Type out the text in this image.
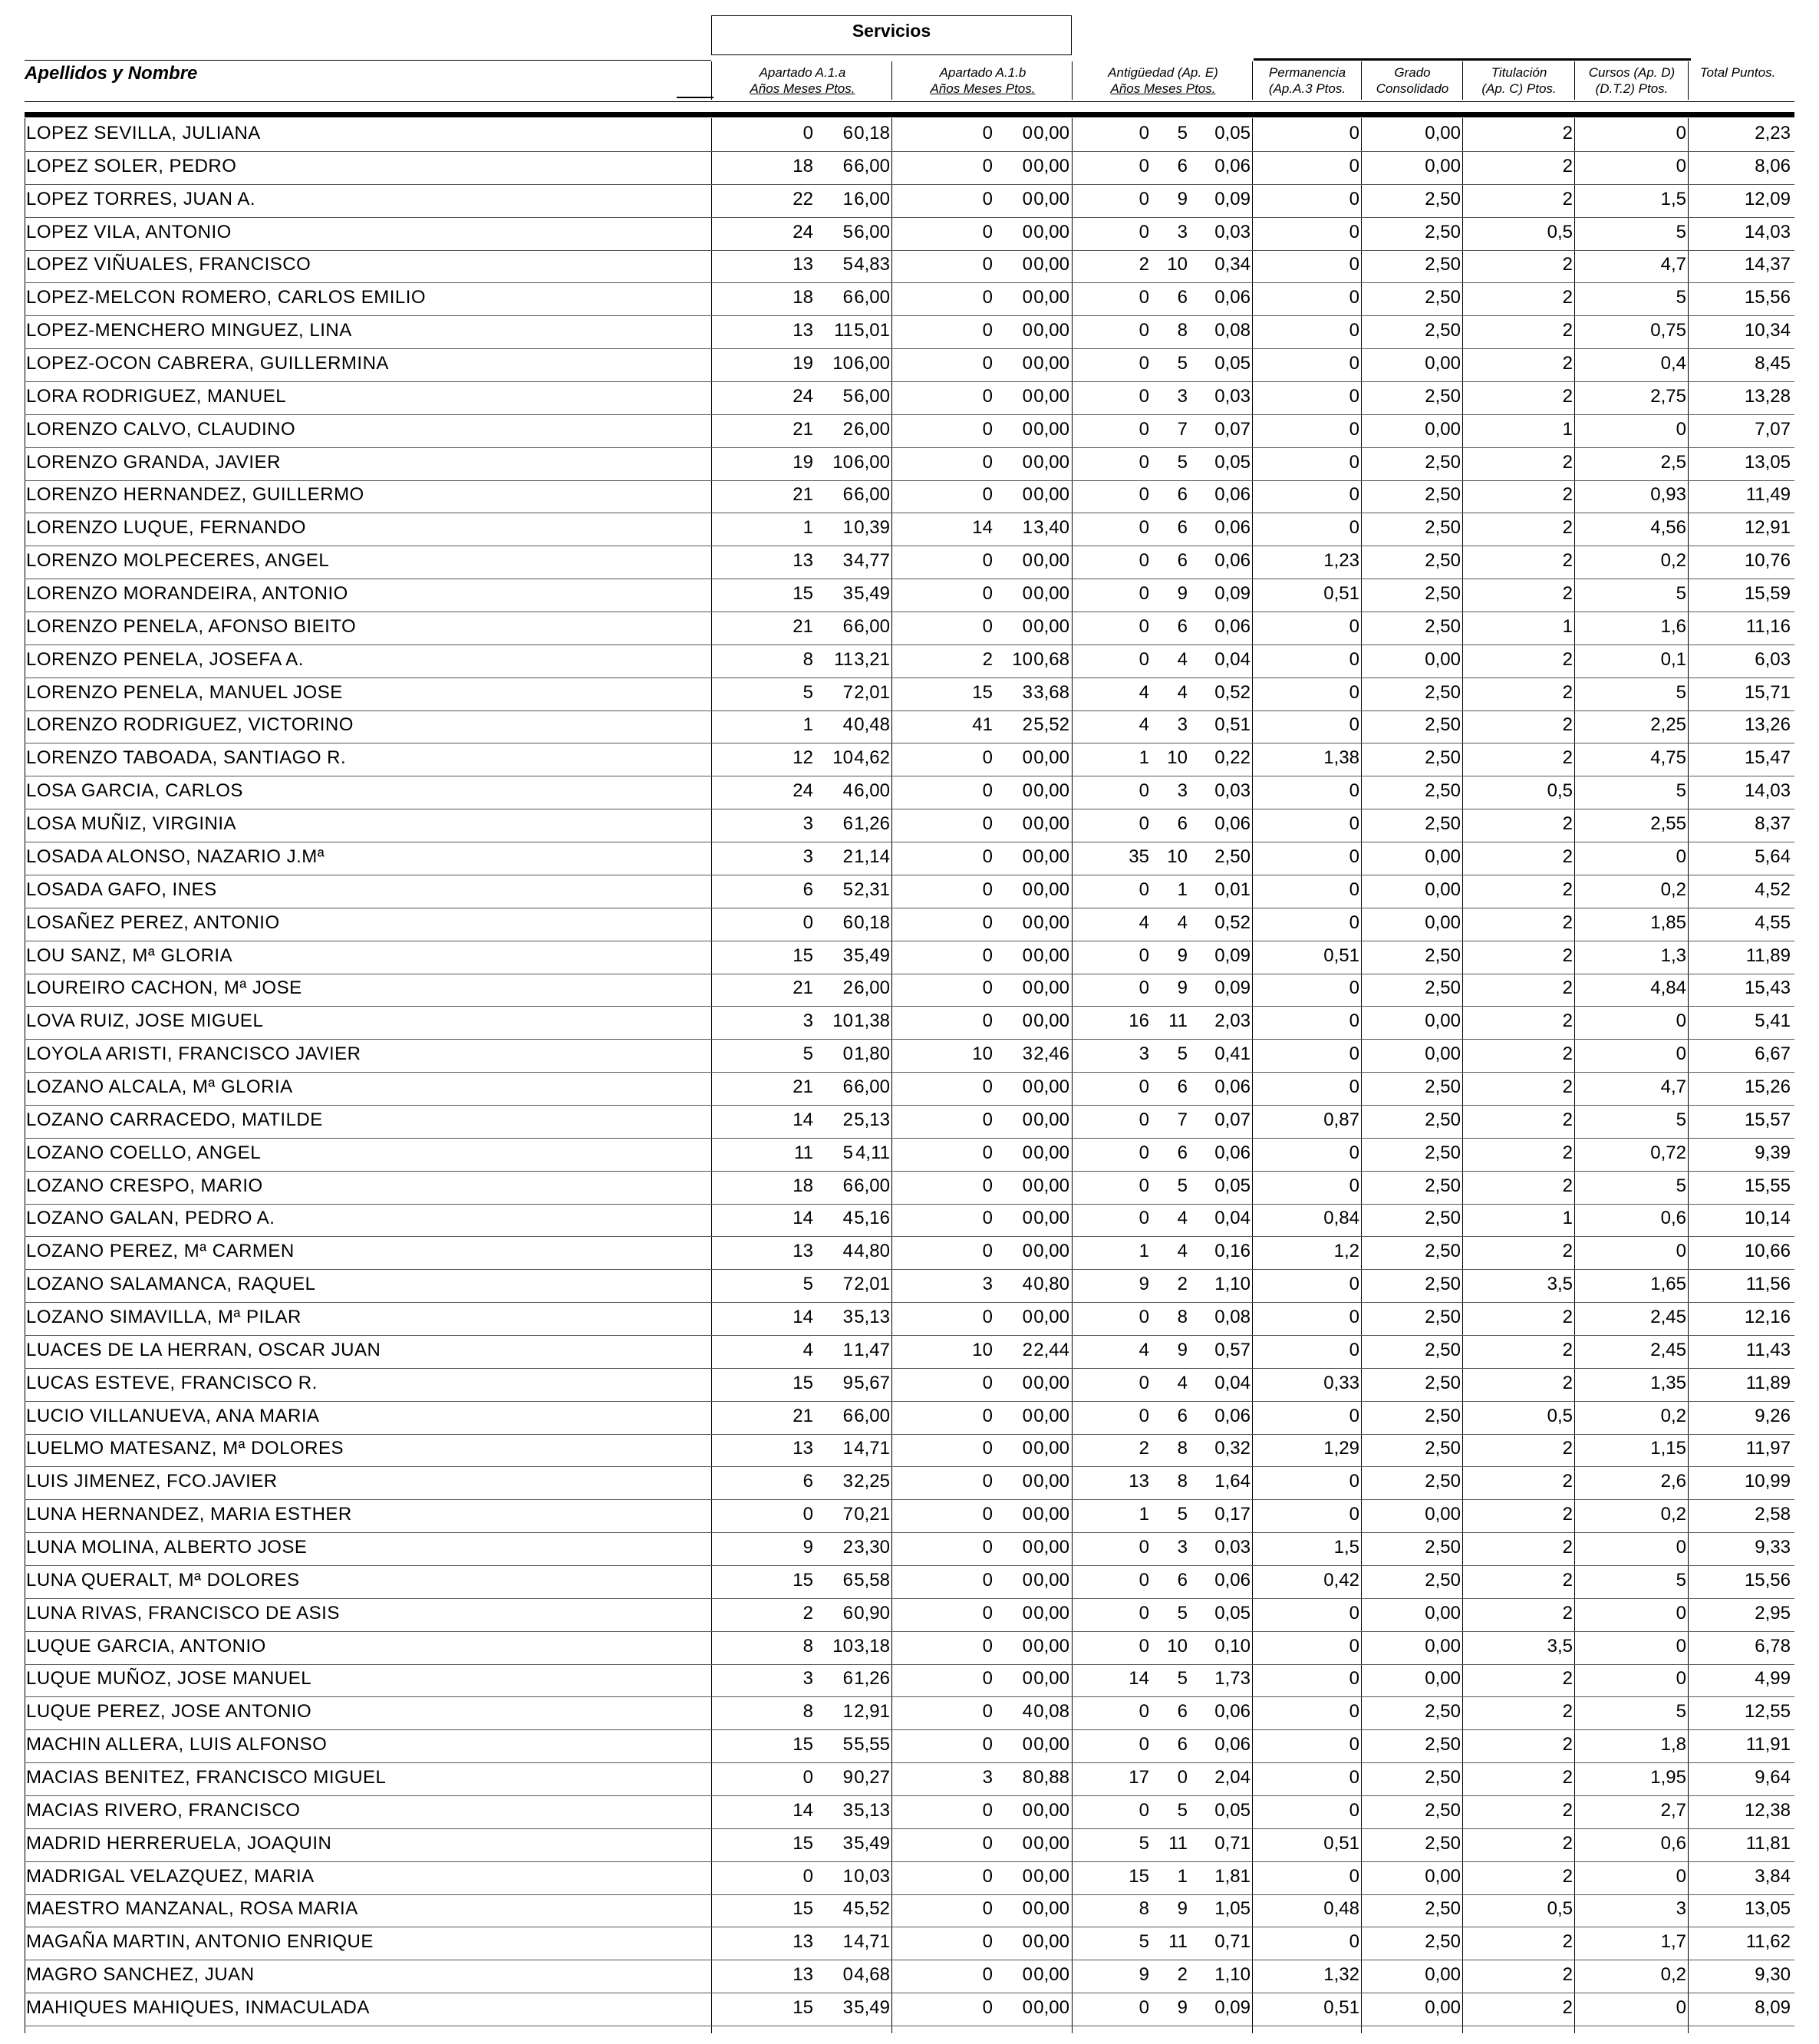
Servicios
Apellidos y Nombre	Apartado A.1.a
Años Meses Ptos.
Apartado A.1.b
Años Meses Ptos.
Antigüedad (Ap. E)
Años Meses Ptos.
Permanencia
(Ap.A.3 Ptos.
Grado
Consolidado
Titulación
(Ap. C) Ptos.
Cursos (Ap. D)
(D.T.2) Ptos.
Total Puntos.
LOPEZ SEVILLA, JULIANA	0 6 0,18	0 0 0,00	0 5 0,05	0	0,00	2	0	2,23
LOPEZ SOLER, PEDRO	18 6 6,00	0 0 0,00	0 6 0,06	0	0,00	2	0	8,06
LOPEZ TORRES, JUAN A.	22 1 6,00	0 0 0,00	0 9 0,09	0	2,50	2	1,5	12,09
LOPEZ VILA, ANTONIO	24 5 6,00	0 0 0,00	0 3 0,03	0	2,50	0,5	5	14,03
LOPEZ VIÑUALES, FRANCISCO	13 5 4,83	0 0 0,00	2 10 0,34	0	2,50	2	4,7	14,37
LOPEZ-MELCON ROMERO, CARLOS EMILIO	18 6 6,00	0 0 0,00	0 6 0,06	0	2,50	2	5	15,56
LOPEZ-MENCHERO MINGUEZ, LINA	13 11 5,01	0 0 0,00	0 8 0,08	0	2,50	2	0,75	10,34
LOPEZ-OCON CABRERA, GUILLERMINA	19 10 6,00	0 0 0,00	0 5 0,05	0	0,00	2	0,4	8,45
LORA RODRIGUEZ, MANUEL	24 5 6,00	0 0 0,00	0 3 0,03	0	2,50	2	2,75	13,28
LORENZO CALVO, CLAUDINO	21 2 6,00	0 0 0,00	0 7 0,07	0	0,00	1	0	7,07
LORENZO GRANDA, JAVIER	19 10 6,00	0 0 0,00	0 5 0,05	0	2,50	2	2,5	13,05
LORENZO HERNANDEZ, GUILLERMO	21 6 6,00	0 0 0,00	0 6 0,06	0	2,50	2	0,93	11,49
LORENZO LUQUE, FERNANDO	1 1 0,39	14 1 3,40	0 6 0,06	0	2,50	2	4,56	12,91
LORENZO MOLPECERES, ANGEL	13 3 4,77	0 0 0,00	0 6 0,06	1,23	2,50	2	0,2	10,76
LORENZO MORANDEIRA, ANTONIO	15 3 5,49	0 0 0,00	0 9 0,09	0,51	2,50	2	5	15,59
LORENZO PENELA, AFONSO BIEITO	21 6 6,00	0 0 0,00	0 6 0,06	0	2,50	1	1,6	11,16
LORENZO PENELA, JOSEFA A.	8 11 3,21	2 10 0,68	0 4 0,04	0	0,00	2	0,1	6,03
LORENZO PENELA, MANUEL JOSE	5 7 2,01	15 3 3,68	4 4 0,52	0	2,50	2	5	15,71
LORENZO RODRIGUEZ, VICTORINO	1 4 0,48	41 2 5,52	4 3 0,51	0	2,50	2	2,25	13,26
LORENZO TABOADA, SANTIAGO R.	12 10 4,62	0 0 0,00	1 10 0,22	1,38	2,50	2	4,75	15,47
LOSA GARCIA, CARLOS	24 4 6,00	0 0 0,00	0 3 0,03	0	2,50	0,5	5	14,03
LOSA MUÑIZ, VIRGINIA	3 6 1,26	0 0 0,00	0 6 0,06	0	2,50	2	2,55	8,37
LOSADA ALONSO, NAZARIO J.Mª	3 2 1,14	0 0 0,00	35 10 2,50	0	0,00	2	0	5,64
LOSADA GAFO, INES	6 5 2,31	0 0 0,00	0 1 0,01	0	0,00	2	0,2	4,52
LOSAÑEZ PEREZ, ANTONIO	0 6 0,18	0 0 0,00	4 4 0,52	0	0,00	2	1,85	4,55
LOU SANZ, Mª GLORIA	15 3 5,49	0 0 0,00	0 9 0,09	0,51	2,50	2	1,3	11,89
LOUREIRO CACHON, Mª JOSE	21 2 6,00	0 0 0,00	0 9 0,09	0	2,50	2	4,84	15,43
LOVA RUIZ, JOSE MIGUEL	3 10 1,38	0 0 0,00	16 11 2,03	0	0,00	2	0	5,41
LOYOLA ARISTI, FRANCISCO JAVIER	5 0 1,80	10 3 2,46	3 5 0,41	0	0,00	2	0	6,67
LOZANO ALCALA, Mª GLORIA	21 6 6,00	0 0 0,00	0 6 0,06	0	2,50	2	4,7	15,26
LOZANO CARRACEDO, MATILDE	14 2 5,13	0 0 0,00	0 7 0,07	0,87	2,50	2	5	15,57
LOZANO COELLO, ANGEL	11 5 4,11	0 0 0,00	0 6 0,06	0	2,50	2	0,72	9,39
LOZANO CRESPO, MARIO	18 6 6,00	0 0 0,00	0 5 0,05	0	2,50	2	5	15,55
LOZANO GALAN, PEDRO A.	14 4 5,16	0 0 0,00	0 4 0,04	0,84	2,50	1	0,6	10,14
LOZANO PEREZ, Mª CARMEN	13 4 4,80	0 0 0,00	1 4 0,16	1,2	2,50	2	0	10,66
LOZANO SALAMANCA, RAQUEL	5 7 2,01	3 4 0,80	9 2 1,10	0	2,50	3,5	1,65	11,56
LOZANO SIMAVILLA, Mª PILAR	14 3 5,13	0 0 0,00	0 8 0,08	0	2,50	2	2,45	12,16
LUACES DE LA HERRAN, OSCAR JUAN	4 1 1,47	10 2 2,44	4 9 0,57	0	2,50	2	2,45	11,43
LUCAS ESTEVE, FRANCISCO R.	15 9 5,67	0 0 0,00	0 4 0,04	0,33	2,50	2	1,35	11,89
LUCIO VILLANUEVA, ANA MARIA	21 6 6,00	0 0 0,00	0 6 0,06	0	2,50	0,5	0,2	9,26
LUELMO MATESANZ, Mª DOLORES	13 1 4,71	0 0 0,00	2 8 0,32	1,29	2,50	2	1,15	11,97
LUIS JIMENEZ, FCO.JAVIER	6 3 2,25	0 0 0,00	13 8 1,64	0	2,50	2	2,6	10,99
LUNA HERNANDEZ, MARIA ESTHER	0 7 0,21	0 0 0,00	1 5 0,17	0	0,00	2	0,2	2,58
LUNA MOLINA, ALBERTO JOSE	9 2 3,30	0 0 0,00	0 3 0,03	1,5	2,50	2	0	9,33
LUNA QUERALT, Mª DOLORES	15 6 5,58	0 0 0,00	0 6 0,06	0,42	2,50	2	5	15,56
LUNA RIVAS, FRANCISCO DE ASIS	2 6 0,90	0 0 0,00	0 5 0,05	0	0,00	2	0	2,95
LUQUE GARCIA, ANTONIO	8 10 3,18	0 0 0,00	0 10 0,10	0	0,00	3,5	0	6,78
LUQUE MUÑOZ, JOSE MANUEL	3 6 1,26	0 0 0,00	14 5 1,73	0	0,00	2	0	4,99
LUQUE PEREZ, JOSE ANTONIO	8 1 2,91	0 4 0,08	0 6 0,06	0	2,50	2	5	12,55
MACHIN ALLERA, LUIS ALFONSO	15 5 5,55	0 0 0,00	0 6 0,06	0	2,50	2	1,8	11,91
MACIAS BENITEZ, FRANCISCO MIGUEL	0 9 0,27	3 8 0,88	17 0 2,04	0	2,50	2	1,95	9,64
MACIAS RIVERO, FRANCISCO	14 3 5,13	0 0 0,00	0 5 0,05	0	2,50	2	2,7	12,38
MADRID HERRERUELA, JOAQUIN	15 3 5,49	0 0 0,00	5 11 0,71	0,51	2,50	2	0,6	11,81
MADRIGAL VELAZQUEZ, MARIA	0 1 0,03	0 0 0,00	15 1 1,81	0	0,00	2	0	3,84
MAESTRO MANZANAL, ROSA MARIA	15 4 5,52	0 0 0,00	8 9 1,05	0,48	2,50	0,5	3	13,05
MAGAÑA MARTIN, ANTONIO ENRIQUE	13 1 4,71	0 0 0,00	5 11 0,71	0	2,50	2	1,7	11,62
MAGRO SANCHEZ, JUAN	13 0 4,68	0 0 0,00	9 2 1,10	1,32	0,00	2	0,2	9,30
MAHIQUES MAHIQUES, INMACULADA	15 3 5,49	0 0 0,00	0 9 0,09	0,51	0,00	2	0	8,09
